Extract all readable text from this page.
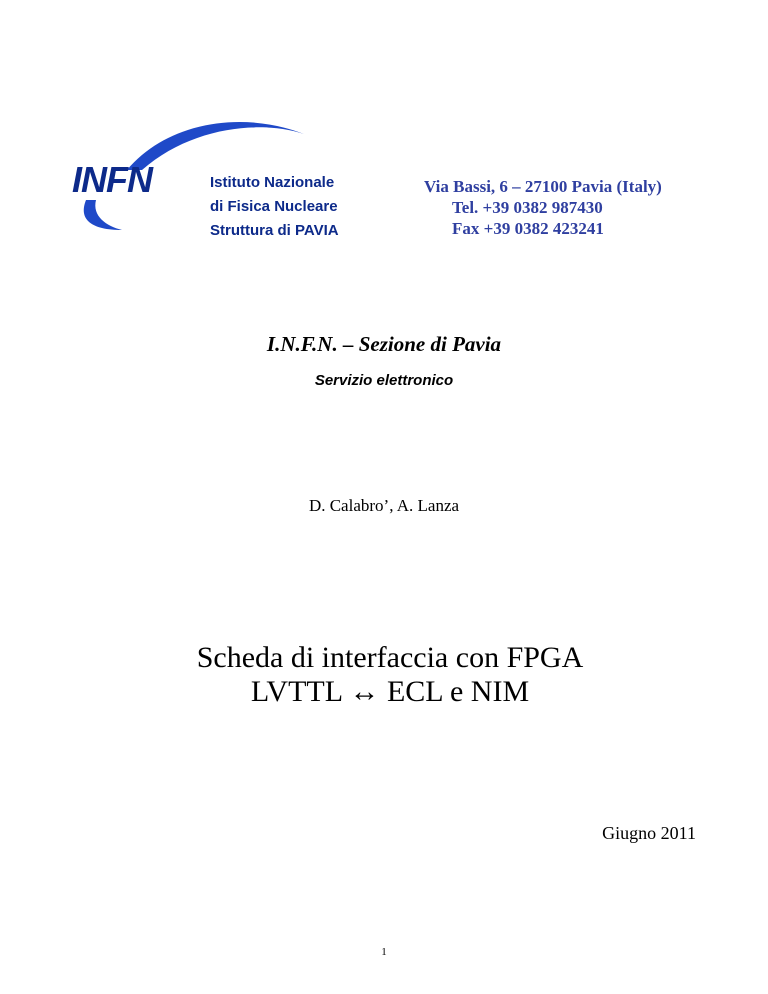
INFN	Istituto Nazionale
di Fisica Nucleare
Struttura di PAVIA
Via Bassi, 6 – 27100 Pavia (Italy)
Tel. +39 0382 987430
Fax +39 0382 423241
I.N.F.N. – Sezione di Pavia
Servizio elettronico
D. Calabro’, A. Lanza
Scheda di interfaccia con FPGA
LVTTL ↔ ECL e NIM
Giugno 2011
1
